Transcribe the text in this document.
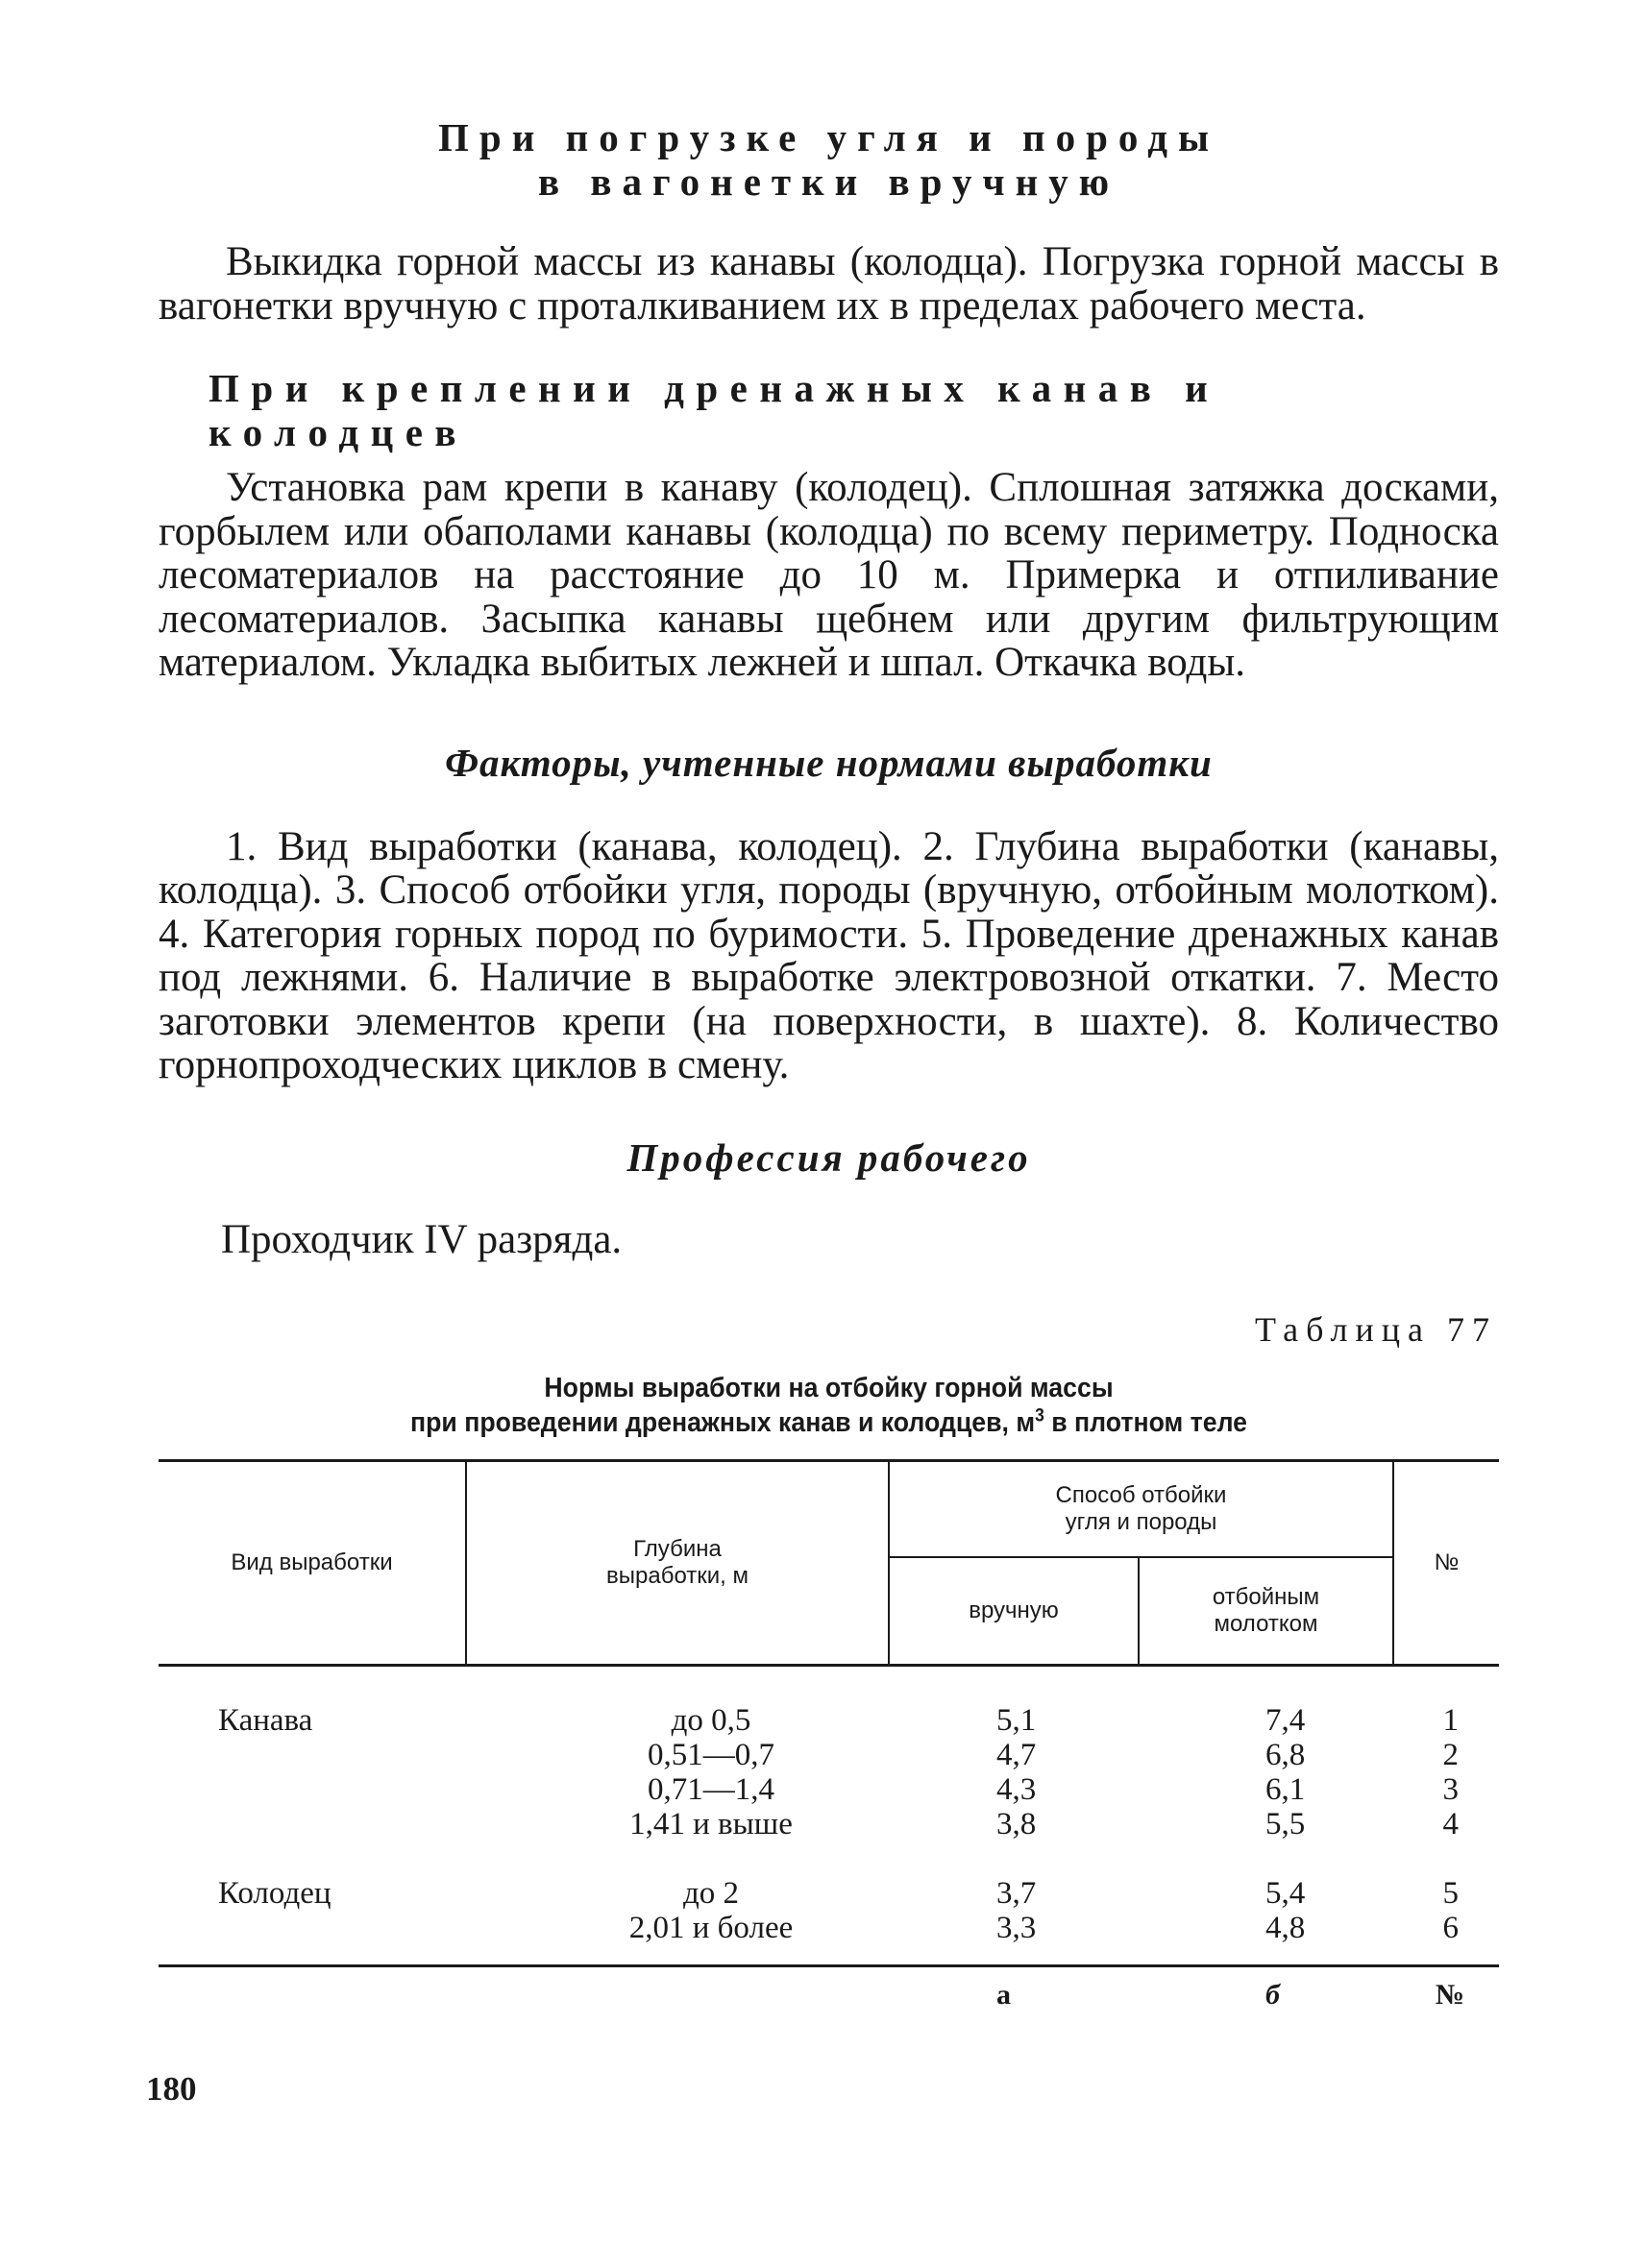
При погрузке угля и породы
в вагонетки вручную

Выкидка горной массы из канавы (колодца). Погрузка горной массы в вагонетки вручную с проталкиванием их в пределах рабочего места.

При креплении дренажных канав и колодцев

Установка рам крепи в канаву (колодец). Сплошная затяжка досками, горбылем или обаполами канавы (колодца) по всему периметру. Подноска лесоматериалов на расстояние до 10 м. Примерка и отпиливание лесоматериалов. Засыпка канавы щебнем или другим фильтрующим материалом. Укладка выбитых лежней и шпал. Откачка воды.

Факторы, учтенные нормами выработки

1. Вид выработки (канава, колодец). 2. Глубина выработки (канавы, колодца). 3. Способ отбойки угля, породы (вручную, отбойным молотком). 4. Категория горных пород по буримости. 5. Проведение дренажных канав под лежнями. 6. Наличие в выработке электровозной откатки. 7. Место заготовки элементов крепи (на поверхности, в шахте). 8. Количество горнопроходческих циклов в смену.

Профессия рабочего

Проходчик IV разряда.

Таблица 77
Нормы выработки на отбойку горной массы
при проведении дренажных канав и колодцев, $м^3$ в плотном теле
Вид выработки	Глубина выработки, м	Способ отбойки угля и породы		№
		вручную	отбойным молотком	
Канава	до 0,5	5,1	7,4	1
	0,51—0,7	4,7	6,8	2
	0,71—1,4	4,3	6,1	3
	1,41 и выше	3,8	5,5	4
Колодец	до 2	3,7	5,4	5
	2,01 и более	3,3	4,8	6
		а	б	№
180
